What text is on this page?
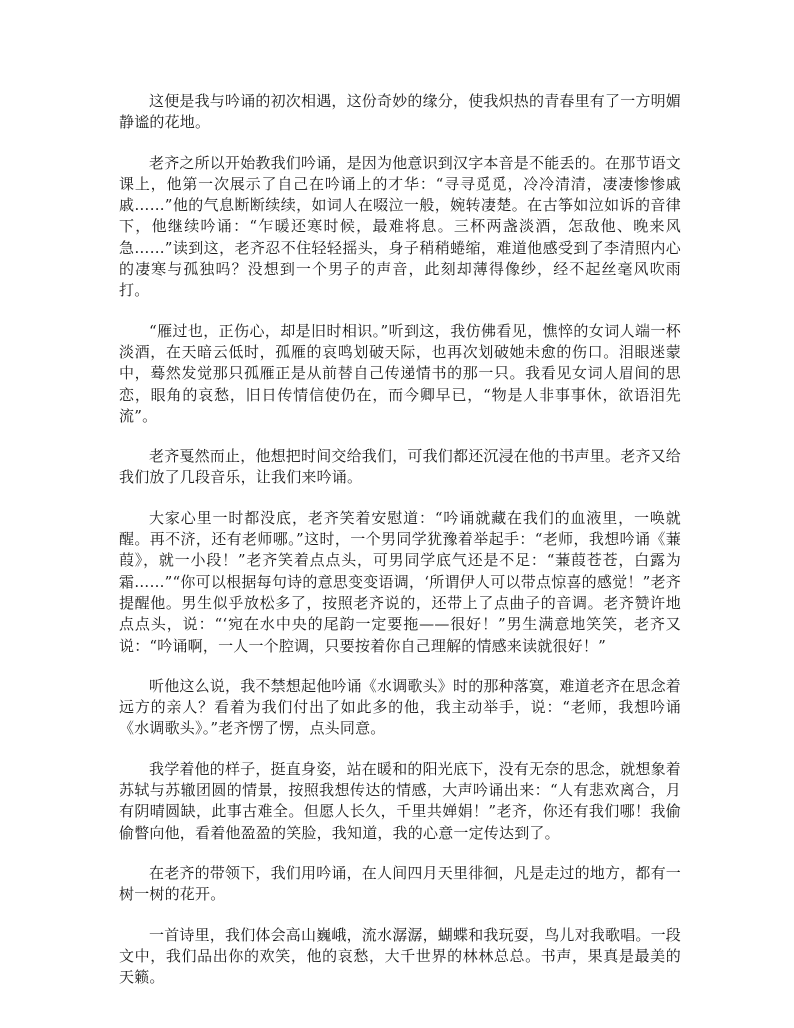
这便是我与吟诵的初次相遇，这份奇妙的缘分，使我炽热的青春里有了一方明媚静谧的花地。

老齐之所以开始教我们吟诵，是因为他意识到汉字本音是不能丢的。在那节语文课上，他第一次展示了自己在吟诵上的才华：“寻寻觅觅，冷冷清清，凄凄惨惨戚戚……”他的气息断断续续，如词人在啜泣一般，婉转凄楚。在古筝如泣如诉的音律下，他继续吟诵：“乍暖还寒时候，最难将息。三杯两盏淡酒，怎敌他、晚来风急……”读到这，老齐忍不住轻轻摇头，身子稍稍蜷缩，难道他感受到了李清照内心的凄寒与孤独吗？没想到一个男子的声音，此刻却薄得像纱，经不起丝毫风吹雨打。

“雁过也，正伤心，却是旧时相识。”听到这，我仿佛看见，憔悴的女词人端一杯淡酒，在天暗云低时，孤雁的哀鸣划破天际，也再次划破她未愈的伤口。泪眼迷蒙中，蓦然发觉那只孤雁正是从前替自己传递情书的那一只。我看见女词人眉间的思恋，眼角的哀愁，旧日传情信使仍在，而今卿早已，“物是人非事事休，欲语泪先流”。

老齐戛然而止，他想把时间交给我们，可我们都还沉浸在他的书声里。老齐又给我们放了几段音乐，让我们来吟诵。

大家心里一时都没底，老齐笑着安慰道：“吟诵就藏在我们的血液里，一唤就醒。再不济，还有老师哪。”这时，一个男同学犹豫着举起手：“老师，我想吟诵《蒹葭》，就一小段！”老齐笑着点点头，可男同学底气还是不足：“蒹葭苍苍，白露为霜……”“你可以根据每句诗的意思变变语调，‘所谓伊人可以带点惊喜的感觉！”老齐提醒他。男生似乎放松多了，按照老齐说的，还带上了点曲子的音调。老齐赞许地点点头，说：“‘宛在水中央的尾韵一定要拖——很好！”男生满意地笑笑，老齐又说：“吟诵啊，一人一个腔调，只要按着你自己理解的情感来读就很好！”

听他这么说，我不禁想起他吟诵《水调歌头》时的那种落寞，难道老齐在思念着远方的亲人？看着为我们付出了如此多的他，我主动举手，说：“老师，我想吟诵《水调歌头》。”老齐愣了愣，点头同意。

我学着他的样子，挺直身姿，站在暖和的阳光底下，没有无奈的思念，就想象着苏轼与苏辙团圆的情景，按照我想传达的情感，大声吟诵出来：“人有悲欢离合，月有阴晴圆缺，此事古难全。但愿人长久，千里共婵娟！”老齐，你还有我们哪！我偷偷瞥向他，看着他盈盈的笑脸，我知道，我的心意一定传达到了。

在老齐的带领下，我们用吟诵，在人间四月天里徘徊，凡是走过的地方，都有一树一树的花开。

一首诗里，我们体会高山巍峨，流水潺潺，蝴蝶和我玩耍，鸟儿对我歌唱。一段文中，我们品出你的欢笑，他的哀愁，大千世界的林林总总。书声，果真是最美的天籁。
